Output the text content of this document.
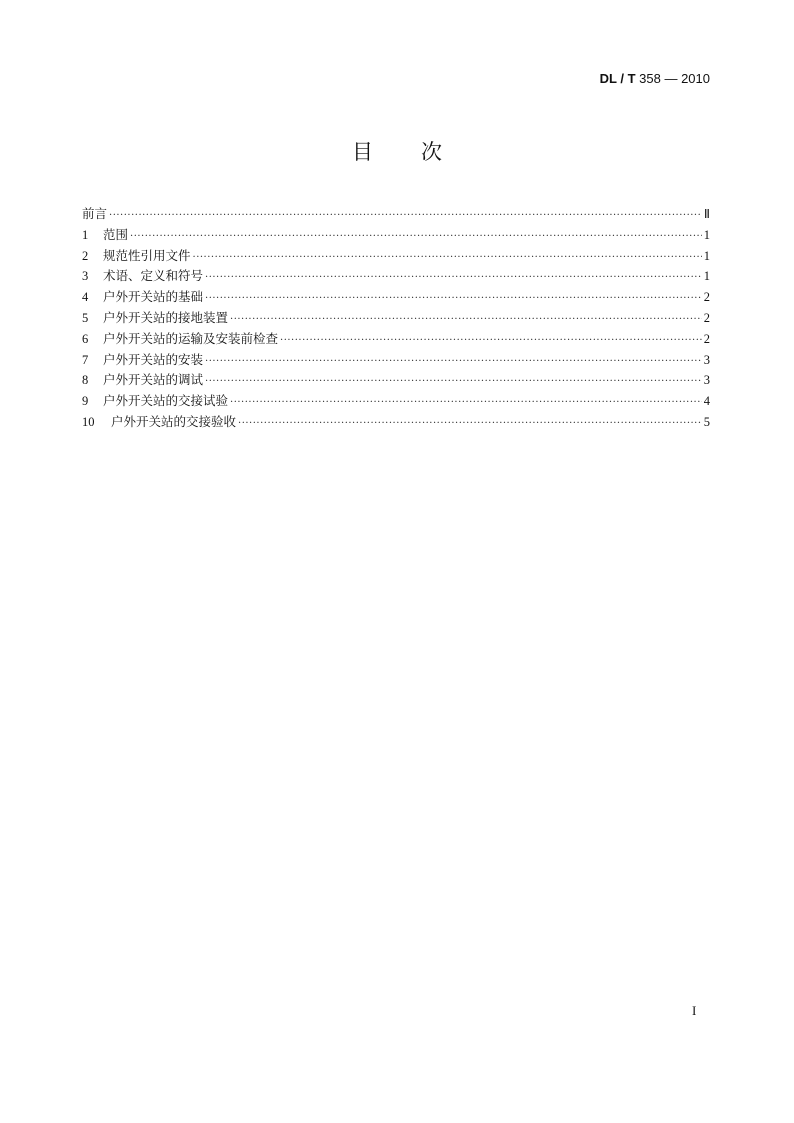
DL / T 358 — 2010
目次
前言 ·····	Ⅱ
1	范围 ·····	1
2	规范性引用文件 ·····	1
3	术语、定义和符号 ·····	1
4	户外开关站的基础 ·····	2
5	户外开关站的接地装置 ·····	2
6	户外开关站的运输及安装前检查 ·····	2
7	户外开关站的安装 ·····	3
8	户外开关站的调试 ·····	3
9	户外开关站的交接试验 ·····	4
10	户外开关站的交接验收 ·····	5
I
